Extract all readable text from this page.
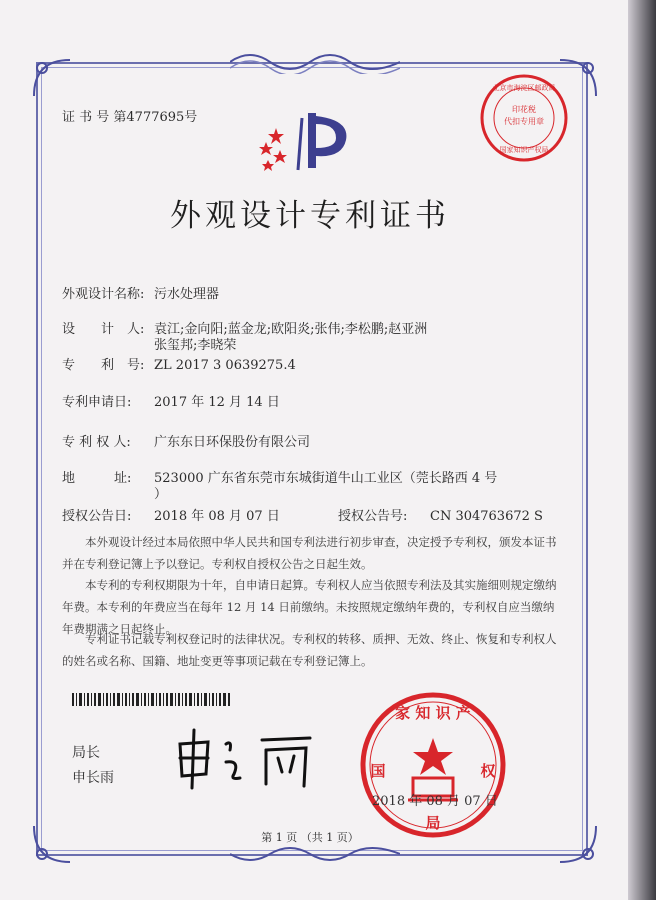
证 书 号 第4777695号
印花税
代扣专用章
北京市海淀区邮政局
国家知识产权局
外观设计专利证书
外观设计名称: 污水处理器
设　　计　人: 袁江;金向阳;蓝金龙;欧阳炎;张伟;李松鹏;赵亚洲
张玺邦;李晓荣
专　　利　号: ZL 2017 3 0639275.4
专利申请日: 2017 年 12 月 14 日
专 利 权 人: 广东东日环保股份有限公司
地　　　址: 523000 广东省东莞市东城街道牛山工业区（莞长路西 4 号
）
授权公告日: 2018 年 08 月 07 日	授权公告号: CN 304763672 S
本外观设计经过本局依照中华人民共和国专利法进行初步审查，决定授予专利权，颁发本证书并在专利登记簿上予以登记。专利权自授权公告之日起生效。
本专利的专利权期限为十年，自申请日起算。专利权人应当依照专利法及其实施细则规定缴纳年费。本专利的年费应当在每年 12 月 14 日前缴纳。未按照规定缴纳年费的，专利权自应当缴纳年费期满之日起终止。
专利证书记载专利权登记时的法律状况。专利权的转移、质押、无效、终止、恢复和专利权人的姓名或名称、国籍、地址变更等事项记载在专利登记簿上。
局长
申长雨
家 知 识 产
国	权
局
2018 年 08 月 07 日
第 1 页 （共 1 页）
